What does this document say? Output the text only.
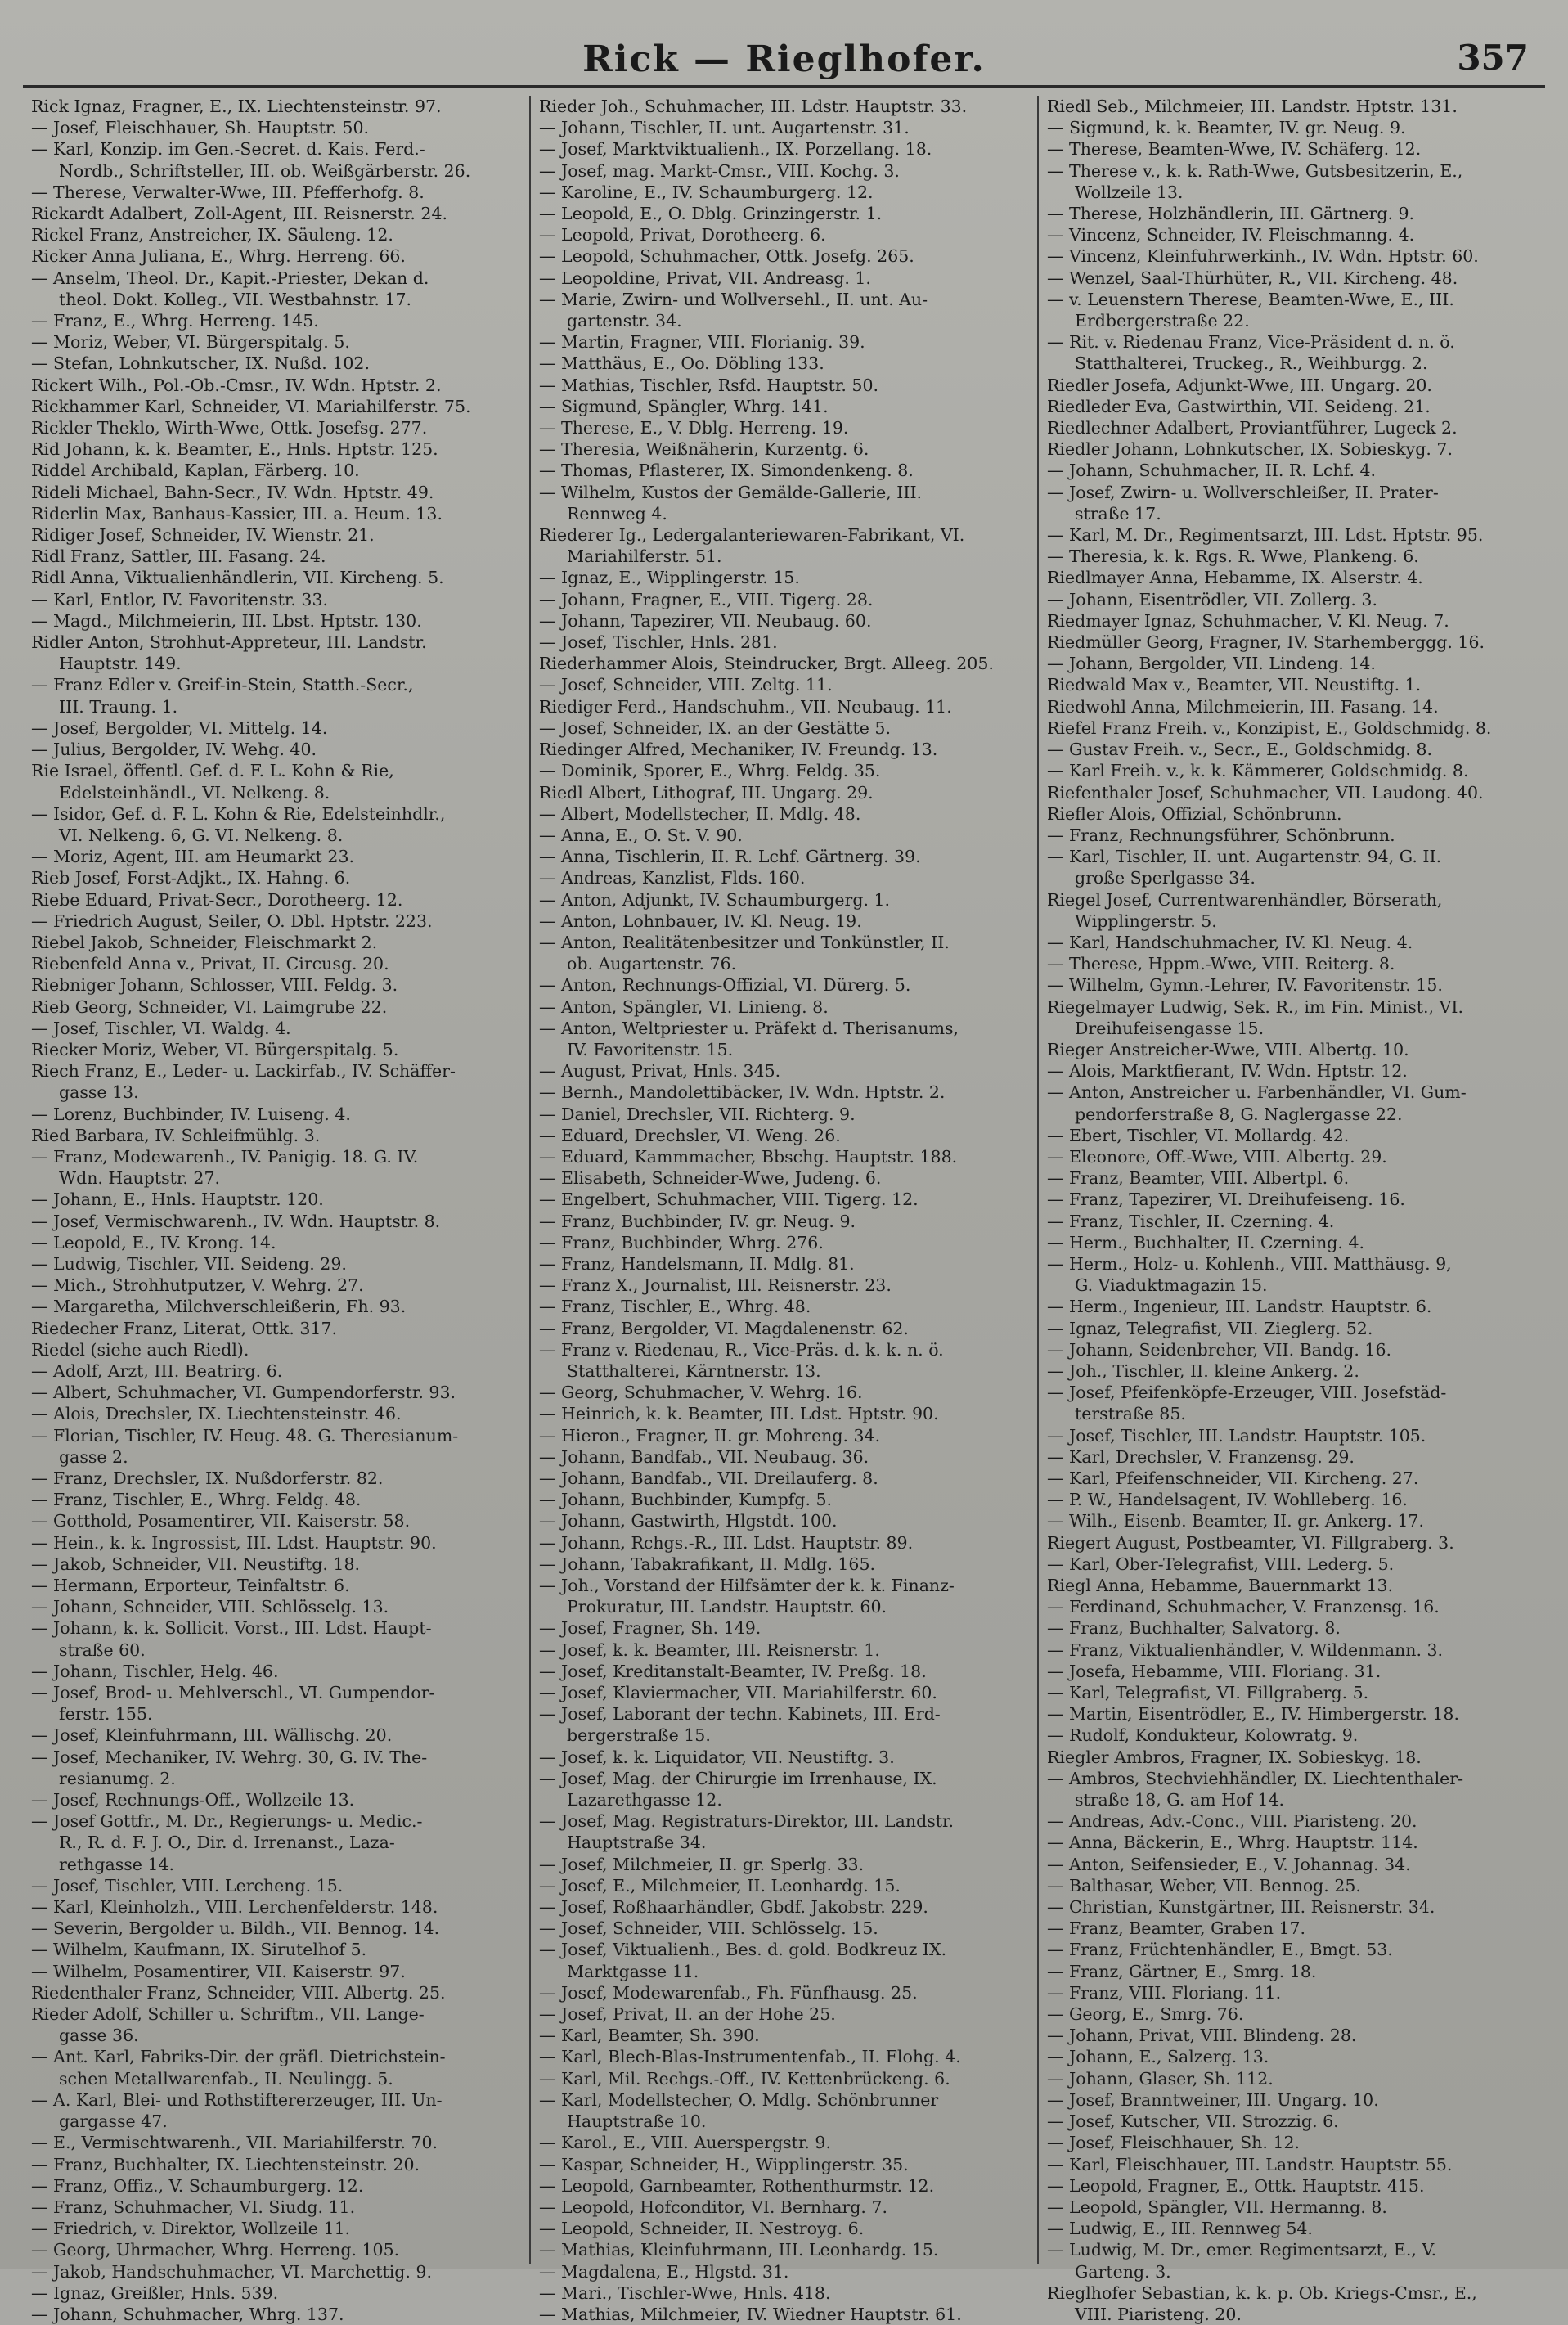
Rick — Rieglhofer.	357
Rick Ignaz, Fragner, E., IX. Liechtensteinstr. 97.
— Josef, Fleischhauer, Sh. Hauptstr. 50.
— Karl, Konzip. im Gen.-Secret. d. Kais. Ferd.-
Nordb., Schriftsteller, III. ob. Weißgärberstr. 26.
— Therese, Verwalter-Wwe, III. Pfefferhofg. 8.
Rickardt Adalbert, Zoll-Agent, III. Reisnerstr. 24.
Rickel Franz, Anstreicher, IX. Säuleng. 12.
Ricker Anna Juliana, E., Whrg. Herreng. 66.
— Anselm, Theol. Dr., Kapit.-Priester, Dekan d.
theol. Dokt. Kolleg., VII. Westbahnstr. 17.
— Franz, E., Whrg. Herreng. 145.
— Moriz, Weber, VI. Bürgerspitalg. 5.
— Stefan, Lohnkutscher, IX. Nußd. 102.
Rickert Wilh., Pol.-Ob.-Cmsr., IV. Wdn. Hptstr. 2.
Rickhammer Karl, Schneider, VI. Mariahilferstr. 75.
Rickler Theklo, Wirth-Wwe, Ottk. Josefsg. 277.
Rid Johann, k. k. Beamter, E., Hnls. Hptstr. 125.
Riddel Archibald, Kaplan, Färberg. 10.
Rideli Michael, Bahn-Secr., IV. Wdn. Hptstr. 49.
Riderlin Max, Banhaus-Kassier, III. a. Heum. 13.
Ridiger Josef, Schneider, IV. Wienstr. 21.
Ridl Franz, Sattler, III. Fasang. 24.
Ridl Anna, Viktualienhändlerin, VII. Kircheng. 5.
— Karl, Entlor, IV. Favoritenstr. 33.
— Magd., Milchmeierin, III. Lbst. Hptstr. 130.
Ridler Anton, Strohhut-Appreteur, III. Landstr.
Hauptstr. 149.
— Franz Edler v. Greif-in-Stein, Statth.-Secr.,
III. Traung. 1.
— Josef, Bergolder, VI. Mittelg. 14.
— Julius, Bergolder, IV. Wehg. 40.
Rie Israel, öffentl. Gef. d. F. L. Kohn & Rie,
Edelsteinhändl., VI. Nelkeng. 8.
— Isidor, Gef. d. F. L. Kohn & Rie, Edelsteinhdlr.,
VI. Nelkeng. 6, G. VI. Nelkeng. 8.
— Moriz, Agent, III. am Heumarkt 23.
Rieb Josef, Forst-Adjkt., IX. Hahng. 6.
Riebe Eduard, Privat-Secr., Dorotheerg. 12.
— Friedrich August, Seiler, O. Dbl. Hptstr. 223.
Riebel Jakob, Schneider, Fleischmarkt 2.
Riebenfeld Anna v., Privat, II. Circusg. 20.
Riebniger Johann, Schlosser, VIII. Feldg. 3.
Rieb Georg, Schneider, VI. Laimgrube 22.
— Josef, Tischler, VI. Waldg. 4.
Riecker Moriz, Weber, VI. Bürgerspitalg. 5.
Riech Franz, E., Leder- u. Lackirfab., IV. Schäffer-
gasse 13.
— Lorenz, Buchbinder, IV. Luiseng. 4.
Ried Barbara, IV. Schleifmühlg. 3.
— Franz, Modewarenh., IV. Panigig. 18. G. IV.
Wdn. Hauptstr. 27.
— Johann, E., Hnls. Hauptstr. 120.
— Josef, Vermischwarenh., IV. Wdn. Hauptstr. 8.
— Leopold, E., IV. Krong. 14.
— Ludwig, Tischler, VII. Seideng. 29.
— Mich., Strohhutputzer, V. Wehrg. 27.
— Margaretha, Milchverschleißerin, Fh. 93.
Riedecher Franz, Literat, Ottk. 317.
Riedel (siehe auch Riedl).
— Adolf, Arzt, III. Beatrirg. 6.
— Albert, Schuhmacher, VI. Gumpendorferstr. 93.
— Alois, Drechsler, IX. Liechtensteinstr. 46.
— Florian, Tischler, IV. Heug. 48. G. Theresianum-
gasse 2.
— Franz, Drechsler, IX. Nußdorferstr. 82.
— Franz, Tischler, E., Whrg. Feldg. 48.
— Gotthold, Posamentirer, VII. Kaiserstr. 58.
— Hein., k. k. Ingrossist, III. Ldst. Hauptstr. 90.
— Jakob, Schneider, VII. Neustiftg. 18.
— Hermann, Erporteur, Teinfaltstr. 6.
— Johann, Schneider, VIII. Schlösselg. 13.
— Johann, k. k. Sollicit. Vorst., III. Ldst. Haupt-
straße 60.
— Johann, Tischler, Helg. 46.
— Josef, Brod- u. Mehlverschl., VI. Gumpendor-
ferstr. 155.
— Josef, Kleinfuhrmann, III. Wällischg. 20.
— Josef, Mechaniker, IV. Wehrg. 30, G. IV. The-
resianumg. 2.
— Josef, Rechnungs-Off., Wollzeile 13.
— Josef Gottfr., M. Dr., Regierungs- u. Medic.-
R., R. d. F. J. O., Dir. d. Irrenanst., Laza-
rethgasse 14.
— Josef, Tischler, VIII. Lercheng. 15.
— Karl, Kleinholzh., VIII. Lerchenfelderstr. 148.
— Severin, Bergolder u. Bildh., VII. Bennog. 14.
— Wilhelm, Kaufmann, IX. Sirutelhof 5.
— Wilhelm, Posamentirer, VII. Kaiserstr. 97.
Riedenthaler Franz, Schneider, VIII. Albertg. 25.
Rieder Adolf, Schiller u. Schriftm., VII. Lange-
gasse 36.
— Ant. Karl, Fabriks-Dir. der gräfl. Dietrichstein-
schen Metallwarenfab., II. Neulingg. 5.
— A. Karl, Blei- und Rothstiftererzeuger, III. Un-
gargasse 47.
— E., Vermischtwarenh., VII. Mariahilferstr. 70.
— Franz, Buchhalter, IX. Liechtensteinstr. 20.
— Franz, Offiz., V. Schaumburgerg. 12.
— Franz, Schuhmacher, VI. Siudg. 11.
— Friedrich, v. Direktor, Wollzeile 11.
— Georg, Uhrmacher, Whrg. Herreng. 105.
— Jakob, Handschuhmacher, VI. Marchettig. 9.
— Ignaz, Greißler, Hnls. 539.
— Johann, Schuhmacher, Whrg. 137.
Rieder Joh., Schuhmacher, III. Ldstr. Hauptstr. 33.
— Johann, Tischler, II. unt. Augartenstr. 31.
— Josef, Marktviktualienh., IX. Porzellang. 18.
— Josef, mag. Markt-Cmsr., VIII. Kochg. 3.
— Karoline, E., IV. Schaumburgerg. 12.
— Leopold, E., O. Dblg. Grinzingerstr. 1.
— Leopold, Privat, Dorotheerg. 6.
— Leopold, Schuhmacher, Ottk. Josefg. 265.
— Leopoldine, Privat, VII. Andreasg. 1.
— Marie, Zwirn- und Wollversehl., II. unt. Au-
gartenstr. 34.
— Martin, Fragner, VIII. Florianig. 39.
— Matthäus, E., Oo. Döbling 133.
— Mathias, Tischler, Rsfd. Hauptstr. 50.
— Sigmund, Spängler, Whrg. 141.
— Therese, E., V. Dblg. Herreng. 19.
— Theresia, Weißnäherin, Kurzentg. 6.
— Thomas, Pflasterer, IX. Simondenkeng. 8.
— Wilhelm, Kustos der Gemälde-Gallerie, III.
Rennweg 4.
Riederer Ig., Ledergalanteriewaren-Fabrikant, VI.
Mariahilferstr. 51.
— Ignaz, E., Wipplingerstr. 15.
— Johann, Fragner, E., VIII. Tigerg. 28.
— Johann, Tapezirer, VII. Neubaug. 60.
— Josef, Tischler, Hnls. 281.
Riederhammer Alois, Steindrucker, Brgt. Alleeg. 205.
— Josef, Schneider, VIII. Zeltg. 11.
Riediger Ferd., Handschuhm., VII. Neubaug. 11.
— Josef, Schneider, IX. an der Gestätte 5.
Riedinger Alfred, Mechaniker, IV. Freundg. 13.
— Dominik, Sporer, E., Whrg. Feldg. 35.
Riedl Albert, Lithograf, III. Ungarg. 29.
— Albert, Modellstecher, II. Mdlg. 48.
— Anna, E., O. St. V. 90.
— Anna, Tischlerin, II. R. Lchf. Gärtnerg. 39.
— Andreas, Kanzlist, Flds. 160.
— Anton, Adjunkt, IV. Schaumburgerg. 1.
— Anton, Lohnbauer, IV. Kl. Neug. 19.
— Anton, Realitätenbesitzer und Tonkünstler, II.
ob. Augartenstr. 76.
— Anton, Rechnungs-Offizial, VI. Dürerg. 5.
— Anton, Spängler, VI. Linieng. 8.
— Anton, Weltpriester u. Präfekt d. Therisanums,
IV. Favoritenstr. 15.
— August, Privat, Hnls. 345.
— Bernh., Mandolettibäcker, IV. Wdn. Hptstr. 2.
— Daniel, Drechsler, VII. Richterg. 9.
— Eduard, Drechsler, VI. Weng. 26.
— Eduard, Kammmacher, Bbschg. Hauptstr. 188.
— Elisabeth, Schneider-Wwe, Judeng. 6.
— Engelbert, Schuhmacher, VIII. Tigerg. 12.
— Franz, Buchbinder, IV. gr. Neug. 9.
— Franz, Buchbinder, Whrg. 276.
— Franz, Handelsmann, II. Mdlg. 81.
— Franz X., Journalist, III. Reisnerstr. 23.
— Franz, Tischler, E., Whrg. 48.
— Franz, Bergolder, VI. Magdalenenstr. 62.
— Franz v. Riedenau, R., Vice-Präs. d. k. k. n. ö.
Statthalterei, Kärntnerstr. 13.
— Georg, Schuhmacher, V. Wehrg. 16.
— Heinrich, k. k. Beamter, III. Ldst. Hptstr. 90.
— Hieron., Fragner, II. gr. Mohreng. 34.
— Johann, Bandfab., VII. Neubaug. 36.
— Johann, Bandfab., VII. Dreilauferg. 8.
— Johann, Buchbinder, Kumpfg. 5.
— Johann, Gastwirth, Hlgstdt. 100.
— Johann, Rchgs.-R., III. Ldst. Hauptstr. 89.
— Johann, Tabakrafikant, II. Mdlg. 165.
— Joh., Vorstand der Hilfsämter der k. k. Finanz-
Prokuratur, III. Landstr. Hauptstr. 60.
— Josef, Fragner, Sh. 149.
— Josef, k. k. Beamter, III. Reisnerstr. 1.
— Josef, Kreditanstalt-Beamter, IV. Preßg. 18.
— Josef, Klaviermacher, VII. Mariahilferstr. 60.
— Josef, Laborant der techn. Kabinets, III. Erd-
bergerstraße 15.
— Josef, k. k. Liquidator, VII. Neustiftg. 3.
— Josef, Mag. der Chirurgie im Irrenhause, IX.
Lazarethgasse 12.
— Josef, Mag. Registraturs-Direktor, III. Landstr.
Hauptstraße 34.
— Josef, Milchmeier, II. gr. Sperlg. 33.
— Josef, E., Milchmeier, II. Leonhardg. 15.
— Josef, Roßhaarhändler, Gbdf. Jakobstr. 229.
— Josef, Schneider, VIII. Schlösselg. 15.
— Josef, Viktualienh., Bes. d. gold. Bodkreuz IX.
Marktgasse 11.
— Josef, Modewarenfab., Fh. Fünfhausg. 25.
— Josef, Privat, II. an der Hohe 25.
— Karl, Beamter, Sh. 390.
— Karl, Blech-Blas-Instrumentenfab., II. Flohg. 4.
— Karl, Mil. Rechgs.-Off., IV. Kettenbrückeng. 6.
— Karl, Modellstecher, O. Mdlg. Schönbrunner
Hauptstraße 10.
— Karol., E., VIII. Auerspergstr. 9.
— Kaspar, Schneider, H., Wipplingerstr. 35.
— Leopold, Garnbeamter, Rothenthurmstr. 12.
— Leopold, Hofconditor, VI. Bernharg. 7.
— Leopold, Schneider, II. Nestroyg. 6.
— Mathias, Kleinfuhrmann, III. Leonhardg. 15.
— Magdalena, E., Hlgstd. 31.
— Mari., Tischler-Wwe, Hnls. 418.
— Mathias, Milchmeier, IV. Wiedner Hauptstr. 61.
Riedl Seb., Milchmeier, III. Landstr. Hptstr. 131.
— Sigmund, k. k. Beamter, IV. gr. Neug. 9.
— Therese, Beamten-Wwe, IV. Schäferg. 12.
— Therese v., k. k. Rath-Wwe, Gutsbesitzerin, E.,
Wollzeile 13.
— Therese, Holzhändlerin, III. Gärtnerg. 9.
— Vincenz, Schneider, IV. Fleischmanng. 4.
— Vincenz, Kleinfuhrwerkinh., IV. Wdn. Hptstr. 60.
— Wenzel, Saal-Thürhüter, R., VII. Kircheng. 48.
— v. Leuenstern Therese, Beamten-Wwe, E., III.
Erdbergerstraße 22.
— Rit. v. Riedenau Franz, Vice-Präsident d. n. ö.
Statthalterei, Truckeg., R., Weihburgg. 2.
Riedler Josefa, Adjunkt-Wwe, III. Ungarg. 20.
Riedleder Eva, Gastwirthin, VII. Seideng. 21.
Riedlechner Adalbert, Proviantführer, Lugeck 2.
Riedler Johann, Lohnkutscher, IX. Sobieskyg. 7.
— Johann, Schuhmacher, II. R. Lchf. 4.
— Josef, Zwirn- u. Wollverschleißer, II. Prater-
straße 17.
— Karl, M. Dr., Regimentsarzt, III. Ldst. Hptstr. 95.
— Theresia, k. k. Rgs. R. Wwe, Plankeng. 6.
Riedlmayer Anna, Hebamme, IX. Alserstr. 4.
— Johann, Eisentrödler, VII. Zollerg. 3.
Riedmayer Ignaz, Schuhmacher, V. Kl. Neug. 7.
Riedmüller Georg, Fragner, IV. Starhemberggg. 16.
— Johann, Bergolder, VII. Lindeng. 14.
Riedwald Max v., Beamter, VII. Neustiftg. 1.
Riedwohl Anna, Milchmeierin, III. Fasang. 14.
Riefel Franz Freih. v., Konzipist, E., Goldschmidg. 8.
— Gustav Freih. v., Secr., E., Goldschmidg. 8.
— Karl Freih. v., k. k. Kämmerer, Goldschmidg. 8.
Riefenthaler Josef, Schuhmacher, VII. Laudong. 40.
Riefler Alois, Offizial, Schönbrunn.
— Franz, Rechnungsführer, Schönbrunn.
— Karl, Tischler, II. unt. Augartenstr. 94, G. II.
große Sperlgasse 34.
Riegel Josef, Currentwarenhändler, Börserath,
Wipplingerstr. 5.
— Karl, Handschuhmacher, IV. Kl. Neug. 4.
— Therese, Hppm.-Wwe, VIII. Reiterg. 8.
— Wilhelm, Gymn.-Lehrer, IV. Favoritenstr. 15.
Riegelmayer Ludwig, Sek. R., im Fin. Minist., VI.
Dreihufeisengasse 15.
Rieger Anstreicher-Wwe, VIII. Albertg. 10.
— Alois, Marktfierant, IV. Wdn. Hptstr. 12.
— Anton, Anstreicher u. Farbenhändler, VI. Gum-
pendorferstraße 8, G. Naglergasse 22.
— Ebert, Tischler, VI. Mollardg. 42.
— Eleonore, Off.-Wwe, VIII. Albertg. 29.
— Franz, Beamter, VIII. Albertpl. 6.
— Franz, Tapezirer, VI. Dreihufeiseng. 16.
— Franz, Tischler, II. Czerning. 4.
— Herm., Buchhalter, II. Czerning. 4.
— Herm., Holz- u. Kohlenh., VIII. Matthäusg. 9,
G. Viaduktmagazin 15.
— Herm., Ingenieur, III. Landstr. Hauptstr. 6.
— Ignaz, Telegrafist, VII. Zieglerg. 52.
— Johann, Seidenbreher, VII. Bandg. 16.
— Joh., Tischler, II. kleine Ankerg. 2.
— Josef, Pfeifenköpfe-Erzeuger, VIII. Josefstäd-
terstraße 85.
— Josef, Tischler, III. Landstr. Hauptstr. 105.
— Karl, Drechsler, V. Franzensg. 29.
— Karl, Pfeifenschneider, VII. Kircheng. 27.
— P. W., Handelsagent, IV. Wohlleberg. 16.
— Wilh., Eisenb. Beamter, II. gr. Ankerg. 17.
Riegert August, Postbeamter, VI. Fillgraberg. 3.
— Karl, Ober-Telegrafist, VIII. Lederg. 5.
Riegl Anna, Hebamme, Bauernmarkt 13.
— Ferdinand, Schuhmacher, V. Franzensg. 16.
— Franz, Buchhalter, Salvatorg. 8.
— Franz, Viktualienhändler, V. Wildenmann. 3.
— Josefa, Hebamme, VIII. Floriang. 31.
— Karl, Telegrafist, VI. Fillgraberg. 5.
— Martin, Eisentrödler, E., IV. Himbergerstr. 18.
— Rudolf, Kondukteur, Kolowratg. 9.
Riegler Ambros, Fragner, IX. Sobieskyg. 18.
— Ambros, Stechviehhändler, IX. Liechtenthaler-
straße 18, G. am Hof 14.
— Andreas, Adv.-Conc., VIII. Piaristeng. 20.
— Anna, Bäckerin, E., Whrg. Hauptstr. 114.
— Anton, Seifensieder, E., V. Johannag. 34.
— Balthasar, Weber, VII. Bennog. 25.
— Christian, Kunstgärtner, III. Reisnerstr. 34.
— Franz, Beamter, Graben 17.
— Franz, Früchtenhändler, E., Bmgt. 53.
— Franz, Gärtner, E., Smrg. 18.
— Franz, VIII. Floriang. 11.
— Georg, E., Smrg. 76.
— Johann, Privat, VIII. Blindeng. 28.
— Johann, E., Salzerg. 13.
— Johann, Glaser, Sh. 112.
— Josef, Branntweiner, III. Ungarg. 10.
— Josef, Kutscher, VII. Strozzig. 6.
— Josef, Fleischhauer, Sh. 12.
— Karl, Fleischhauer, III. Landstr. Hauptstr. 55.
— Leopold, Fragner, E., Ottk. Hauptstr. 415.
— Leopold, Spängler, VII. Hermanng. 8.
— Ludwig, E., III. Rennweg 54.
— Ludwig, M. Dr., emer. Regimentsarzt, E., V.
Garteng. 3.
Rieglhofer Sebastian, k. k. p. Ob. Kriegs-Cmsr., E.,
VIII. Piaristeng. 20.
